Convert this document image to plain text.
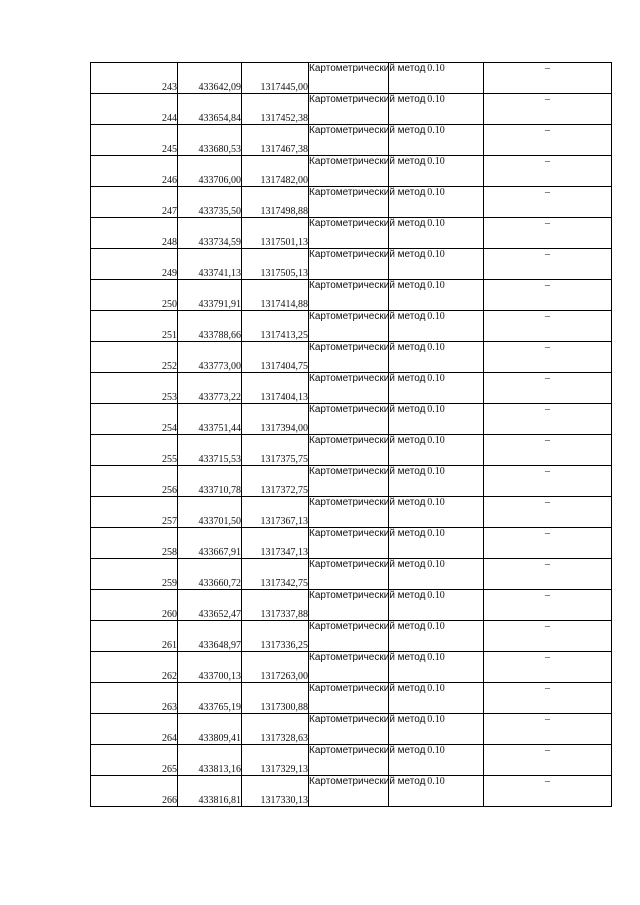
243	433642,09	1317445,00	Картометрический метод	0.10	–
244	433654,84	1317452,38	Картометрический метод	0.10	–
245	433680,53	1317467,38	Картометрический метод	0.10	–
246	433706,00	1317482,00	Картометрический метод	0.10	–
247	433735,50	1317498,88	Картометрический метод	0.10	–
248	433734,59	1317501,13	Картометрический метод	0.10	–
249	433741,13	1317505,13	Картометрический метод	0.10	–
250	433791,91	1317414,88	Картометрический метод	0.10	–
251	433788,66	1317413,25	Картометрический метод	0.10	–
252	433773,00	1317404,75	Картометрический метод	0.10	–
253	433773,22	1317404,13	Картометрический метод	0.10	–
254	433751,44	1317394,00	Картометрический метод	0.10	–
255	433715,53	1317375,75	Картометрический метод	0.10	–
256	433710,78	1317372,75	Картометрический метод	0.10	–
257	433701,50	1317367,13	Картометрический метод	0.10	–
258	433667,91	1317347,13	Картометрический метод	0.10	–
259	433660,72	1317342,75	Картометрический метод	0.10	–
260	433652,47	1317337,88	Картометрический метод	0.10	–
261	433648,97	1317336,25	Картометрический метод	0.10	–
262	433700,13	1317263,00	Картометрический метод	0.10	–
263	433765,19	1317300,88	Картометрический метод	0.10	–
264	433809,41	1317328,63	Картометрический метод	0.10	–
265	433813,16	1317329,13	Картометрический метод	0.10	–
266	433816,81	1317330,13	Картометрический метод	0.10	–
